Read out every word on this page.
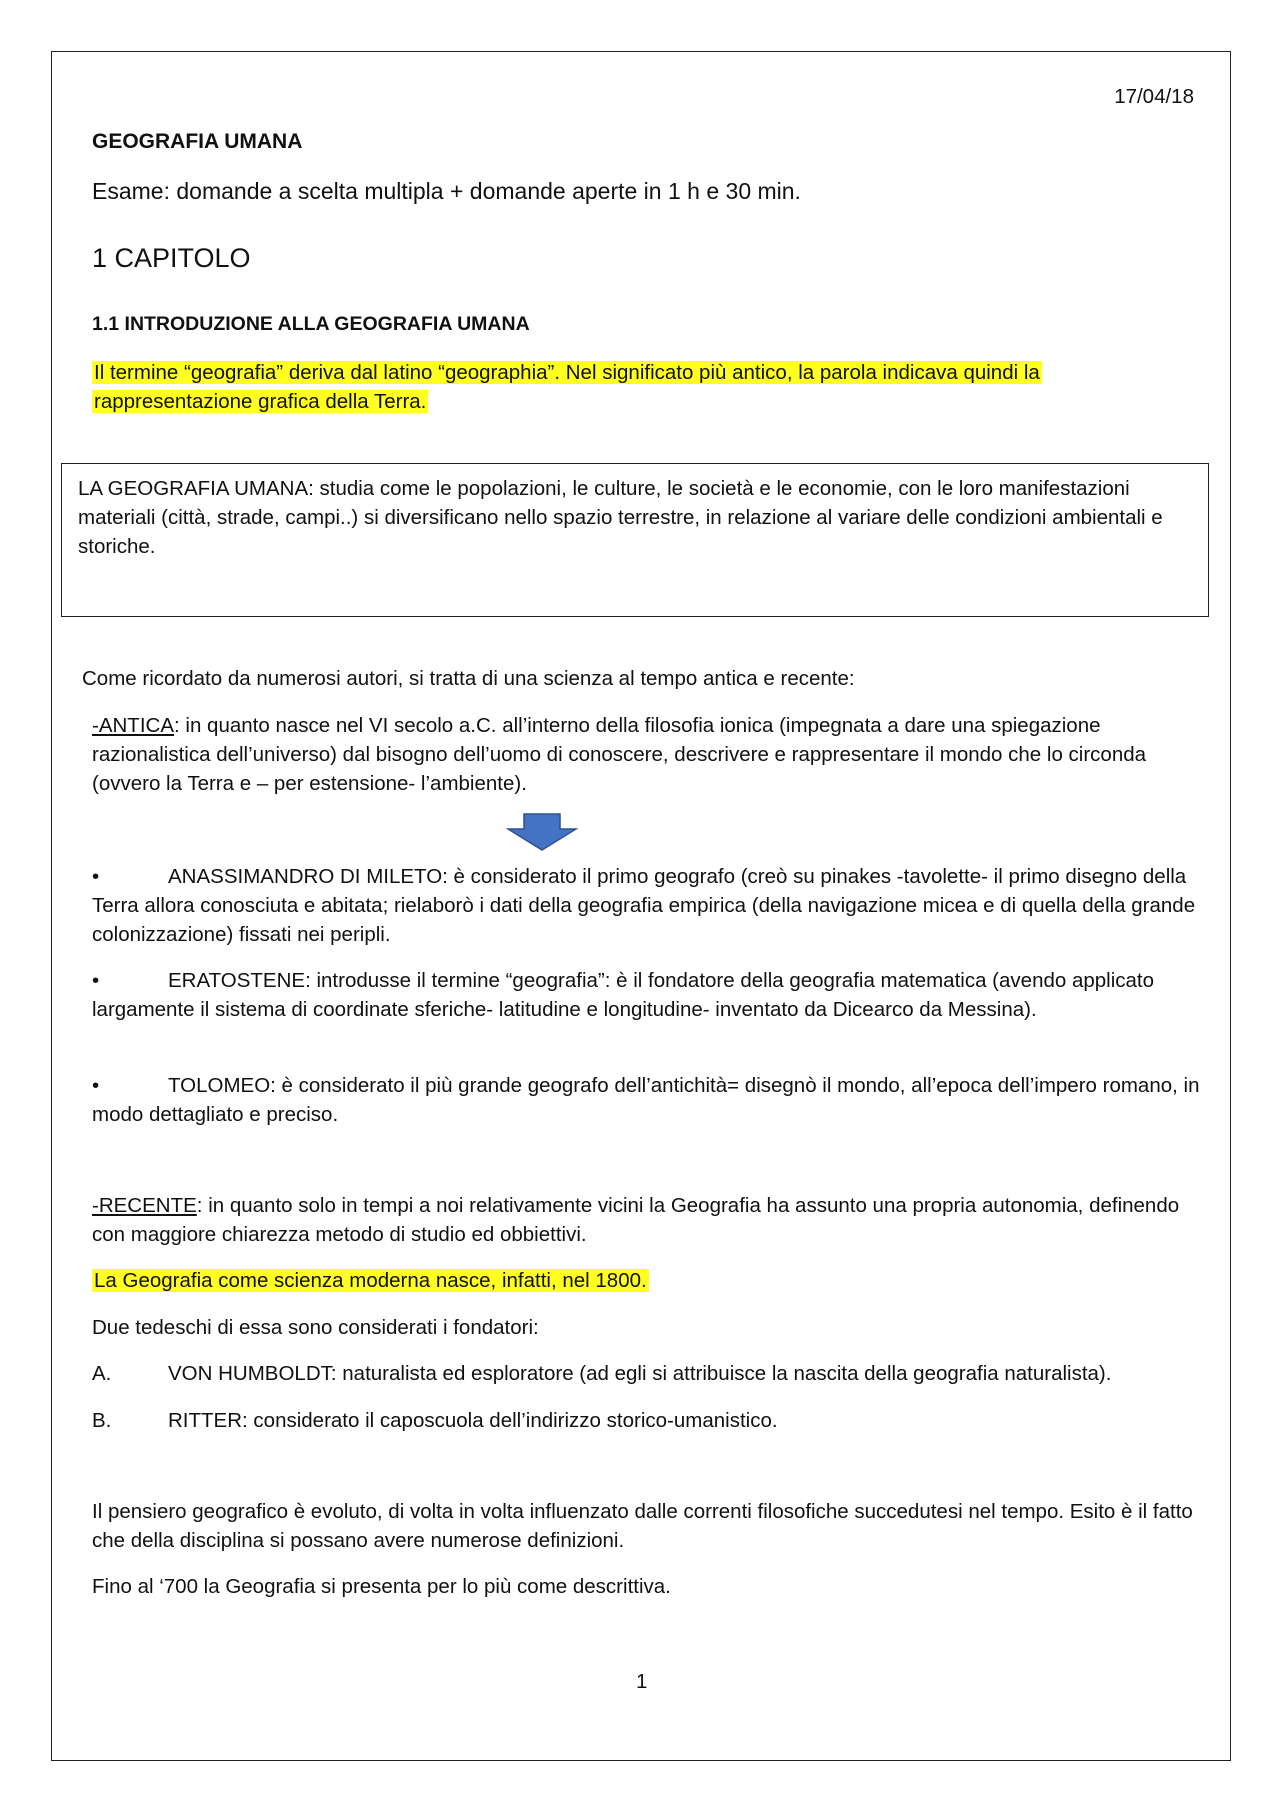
17/04/18

GEOGRAFIA UMANA

Esame: domande a scelta multipla + domande aperte in 1 h e 30 min.

1 CAPITOLO

1.1 INTRODUZIONE ALLA GEOGRAFIA UMANA

Il termine “geografia” deriva dal latino “geographia”. Nel significato più antico, la parola indicava quindi la rappresentazione grafica della Terra.

LA GEOGRAFIA UMANA: studia come le popolazioni, le culture, le società e le economie, con le loro manifestazioni materiali (città, strade, campi..) si diversificano nello spazio terrestre, in relazione al variare delle condizioni ambientali e storiche.

Come ricordato da numerosi autori, si tratta di una scienza al tempo antica e recente:

-ANTICA: in quanto nasce nel VI secolo a.C. all’interno della filosofia ionica (impegnata a dare una spiegazione razionalistica dell’universo) dal bisogno dell’uomo di conoscere, descrivere e rappresentare il mondo che lo circonda (ovvero la Terra e – per estensione- l’ambiente).

•	ANASSIMANDRO DI MILETO: è considerato il primo geografo (creò su pinakes -tavolette- il primo disegno della Terra allora conosciuta e abitata; rielaborò i dati della geografia empirica (della navigazione micea e di quella della grande colonizzazione) fissati nei peripli.

•	ERATOSTENE: introdusse il termine “geografia”: è il fondatore della geografia matematica (avendo applicato largamente il sistema di coordinate sferiche- latitudine e longitudine- inventato da Dicearco da Messina).

•	TOLOMEO: è considerato il più grande geografo dell’antichità= disegnò il mondo, all’epoca dell’impero romano, in modo dettagliato e preciso.

-RECENTE: in quanto solo in tempi a noi relativamente vicini la Geografia ha assunto una propria autonomia, definendo con maggiore chiarezza metodo di studio ed obbiettivi.

La Geografia come scienza moderna nasce, infatti, nel 1800.

Due tedeschi di essa sono considerati i fondatori:

A.	VON HUMBOLDT: naturalista ed esploratore (ad egli si attribuisce la nascita della geografia naturalista).

B.	RITTER: considerato il caposcuola dell’indirizzo storico-umanistico.

Il pensiero geografico è evoluto, di volta in volta influenzato dalle correnti filosofiche succedutesi nel tempo. Esito è il fatto che della disciplina si possano avere numerose definizioni.

Fino al ‘700 la Geografia si presenta per lo più come descrittiva.

1
